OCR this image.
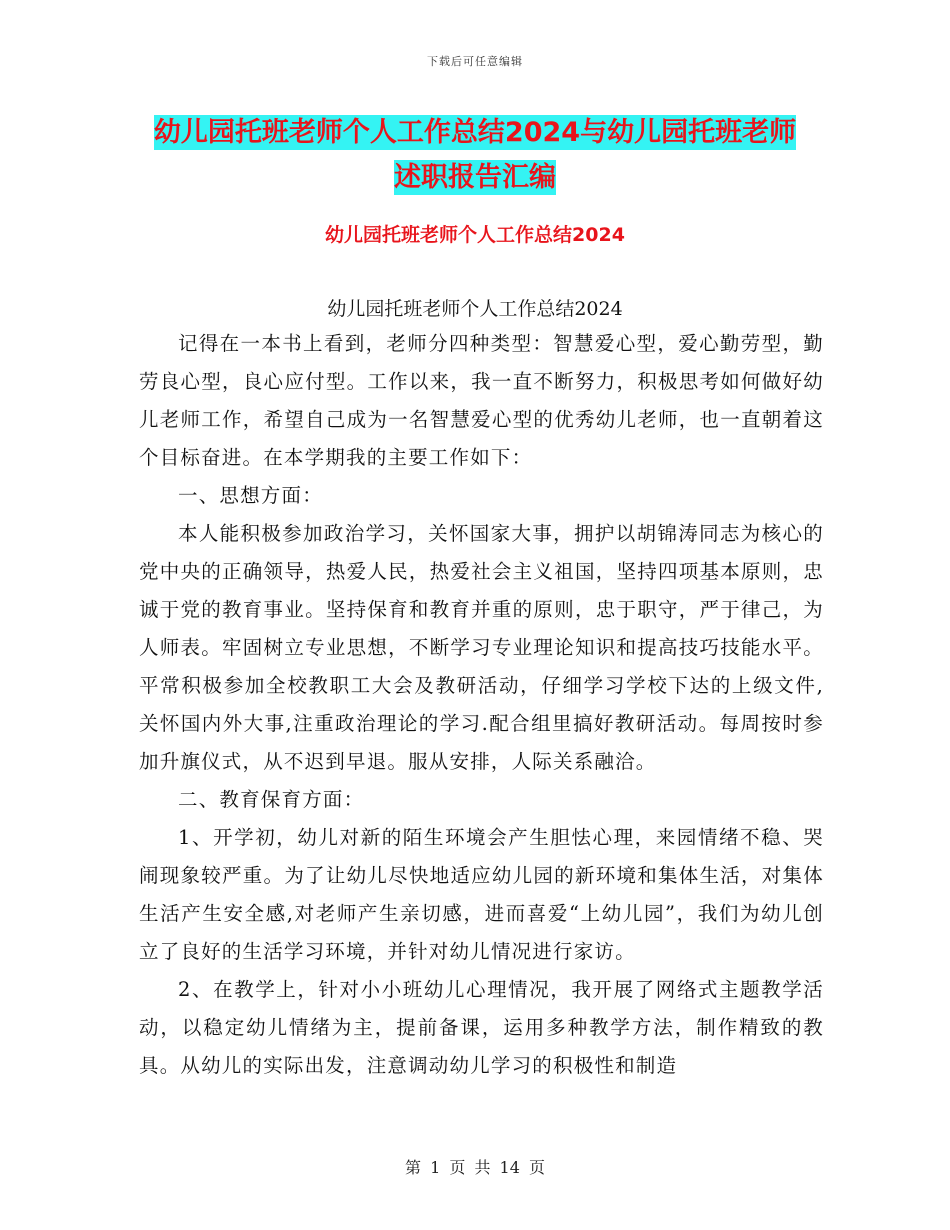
下载后可任意编辑
幼儿园托班老师个人工作总结2024与幼儿园托班老师
述职报告汇编
幼儿园托班老师个人工作总结2024
幼儿园托班老师个人工作总结2024

记得在一本书上看到，老师分四种类型：智慧爱心型，爱心勤劳型，勤劳良心型，良心应付型。工作以来，我一直不断努力，积极思考如何做好幼儿老师工作，希望自己成为一名智慧爱心型的优秀幼儿老师，也一直朝着这个目标奋进。在本学期我的主要工作如下：

一、思想方面：

本人能积极参加政治学习，关怀国家大事，拥护以胡锦涛同志为核心的党中央的正确领导，热爱人民，热爱社会主义祖国，坚持四项基本原则，忠诚于党的教育事业。坚持保育和教育并重的原则，忠于职守，严于律己，为人师表。牢固树立专业思想，不断学习专业理论知识和提高技巧技能水平。平常积极参加全校教职工大会及教研活动，仔细学习学校下达的上级文件,关怀国内外大事,注重政治理论的学习.配合组里搞好教研活动。每周按时参加升旗仪式，从不迟到早退。服从安排，人际关系融洽。

二、教育保育方面：

1、开学初，幼儿对新的陌生环境会产生胆怯心理，来园情绪不稳、哭闹现象较严重。为了让幼儿尽快地适应幼儿园的新环境和集体生活，对集体生活产生安全感,对老师产生亲切感，进而喜爱“上幼儿园”，我们为幼儿创立了良好的生活学习环境，并针对幼儿情况进行家访。

2、在教学上，针对小小班幼儿心理情况，我开展了网络式主题教学活动，以稳定幼儿情绪为主，提前备课，运用多种教学方法，制作精致的教具。从幼儿的实际出发，注意调动幼儿学习的积极性和制造

第 1 页 共 14 页
